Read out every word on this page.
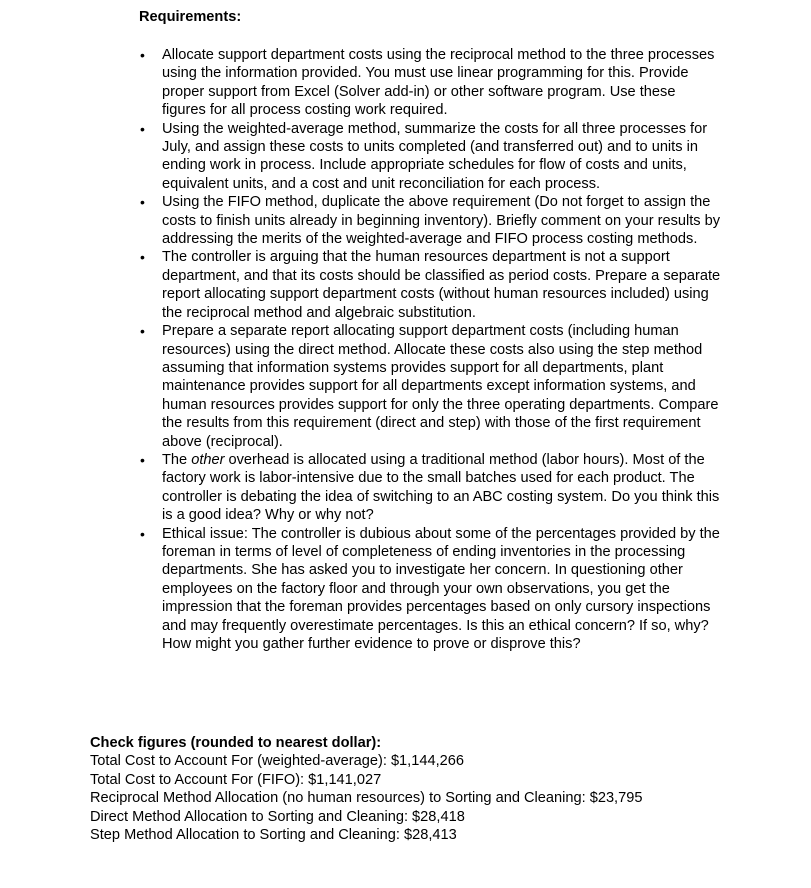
Requirements:

• Allocate support department costs using the reciprocal method to the three processes using the information provided. You must use linear programming for this. Provide proper support from Excel (Solver add-in) or other software program. Use these figures for all process costing work required.
• Using the weighted-average method, summarize the costs for all three processes for July, and assign these costs to units completed (and transferred out) and to units in ending work in process. Include appropriate schedules for flow of costs and units, equivalent units, and a cost and unit reconciliation for each process.
• Using the FIFO method, duplicate the above requirement (Do not forget to assign the costs to finish units already in beginning inventory). Briefly comment on your results by addressing the merits of the weighted-average and FIFO process costing methods.
• The controller is arguing that the human resources department is not a support department, and that its costs should be classified as period costs. Prepare a separate report allocating support department costs (without human resources included) using the reciprocal method and algebraic substitution.
• Prepare a separate report allocating support department costs (including human resources) using the direct method. Allocate these costs also using the step method assuming that information systems provides support for all departments, plant maintenance provides support for all departments except information systems, and human resources provides support for only the three operating departments. Compare the results from this requirement (direct and step) with those of the first requirement above (reciprocal).
• The other overhead is allocated using a traditional method (labor hours). Most of the factory work is labor-intensive due to the small batches used for each product. The controller is debating the idea of switching to an ABC costing system. Do you think this is a good idea? Why or why not?
• Ethical issue: The controller is dubious about some of the percentages provided by the foreman in terms of level of completeness of ending inventories in the processing departments. She has asked you to investigate her concern. In questioning other employees on the factory floor and through your own observations, you get the impression that the foreman provides percentages based on only cursory inspections and may frequently overestimate percentages. Is this an ethical concern? If so, why? How might you gather further evidence to prove or disprove this?
Check figures (rounded to nearest dollar):
Total Cost to Account For (weighted-average): $1,144,266
Total Cost to Account For (FIFO): $1,141,027
Reciprocal Method Allocation (no human resources) to Sorting and Cleaning: $23,795
Direct Method Allocation to Sorting and Cleaning: $28,418
Step Method Allocation to Sorting and Cleaning: $28,413
